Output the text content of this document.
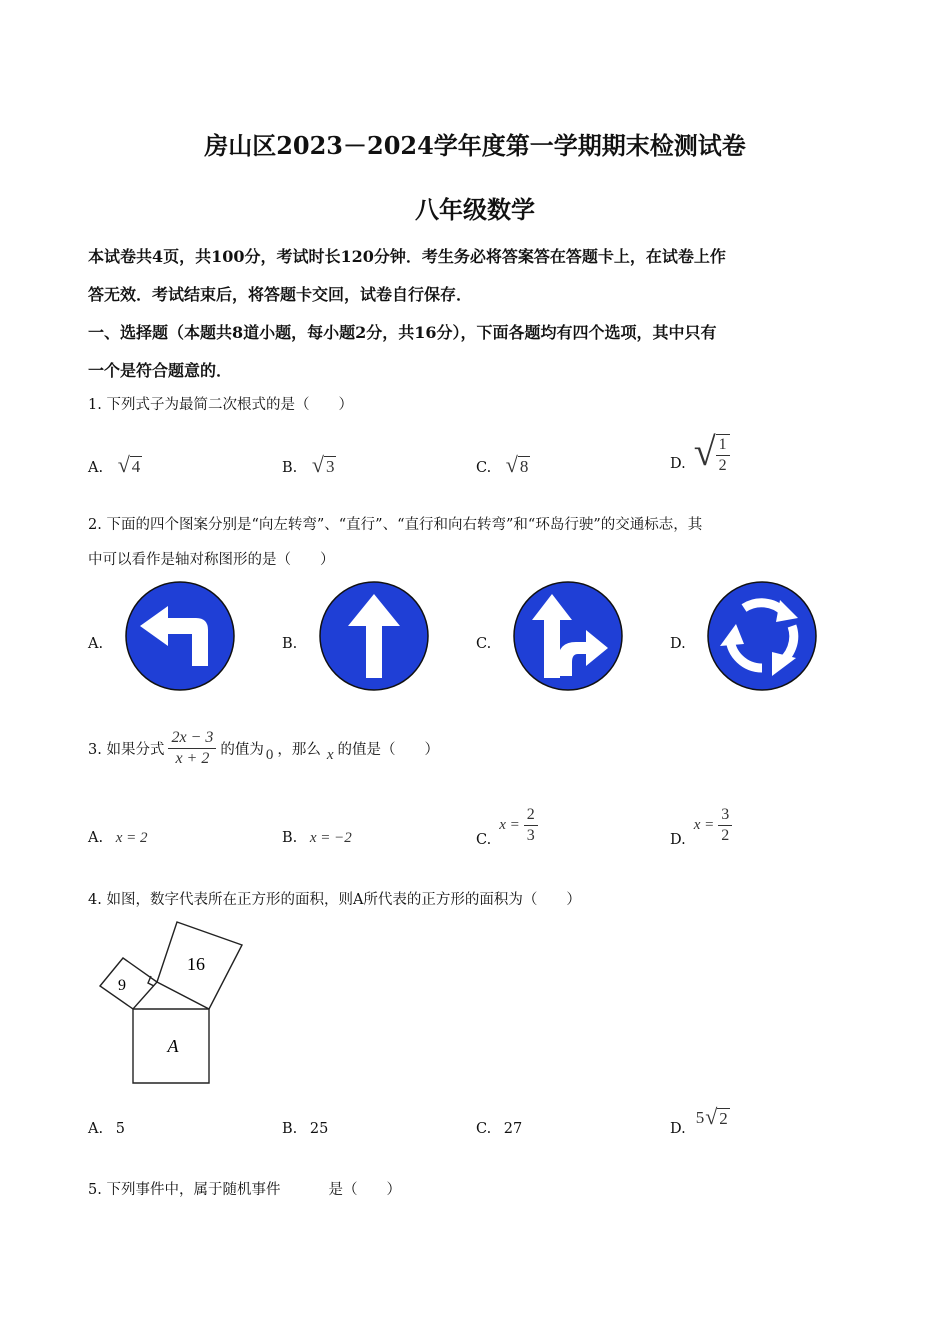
房山区2023－2024学年度第一学期期末检测试卷
八年级数学
本试卷共4页，共100分，考试时长120分钟．考生务必将答案答在答题卡上，在试卷上作
答无效．考试结束后，将答题卡交回，试卷自行保存．
一、选择题（本题共8道小题，每小题2分，共16分），下面各题均有四个选项，其中只有
一个是符合题意的．
1. 下列式子为最简二次根式的是（　　）
A. √ 4	B. √ 3	C. √ 8	D. √ $\frac{1}{2}$
2. 下面的四个图案分别是“向左转弯”、“直行”、“直行和向右转弯”和“环岛行驶”的交通标志，其
中可以看作是轴对称图形的是（　　）
A.	B.	C.	D.
3. 如果分式 $\frac{2x - 3}{x + 2}$ 的值为 0 ，那么 x 的值是（　　）
A. x = 2	B. x = −2	C.
$x = \frac{2}{3}$	D.
$x = \frac{3}{2}$
4. 如图，数字代表所在正方形的面积，则A所代表的正方形的面积为（　　）
9
16
A
A. 5	B. 25	C. 27	D.
5 √ 2
5. 下列事件中，属于随机事件	是（　　）
